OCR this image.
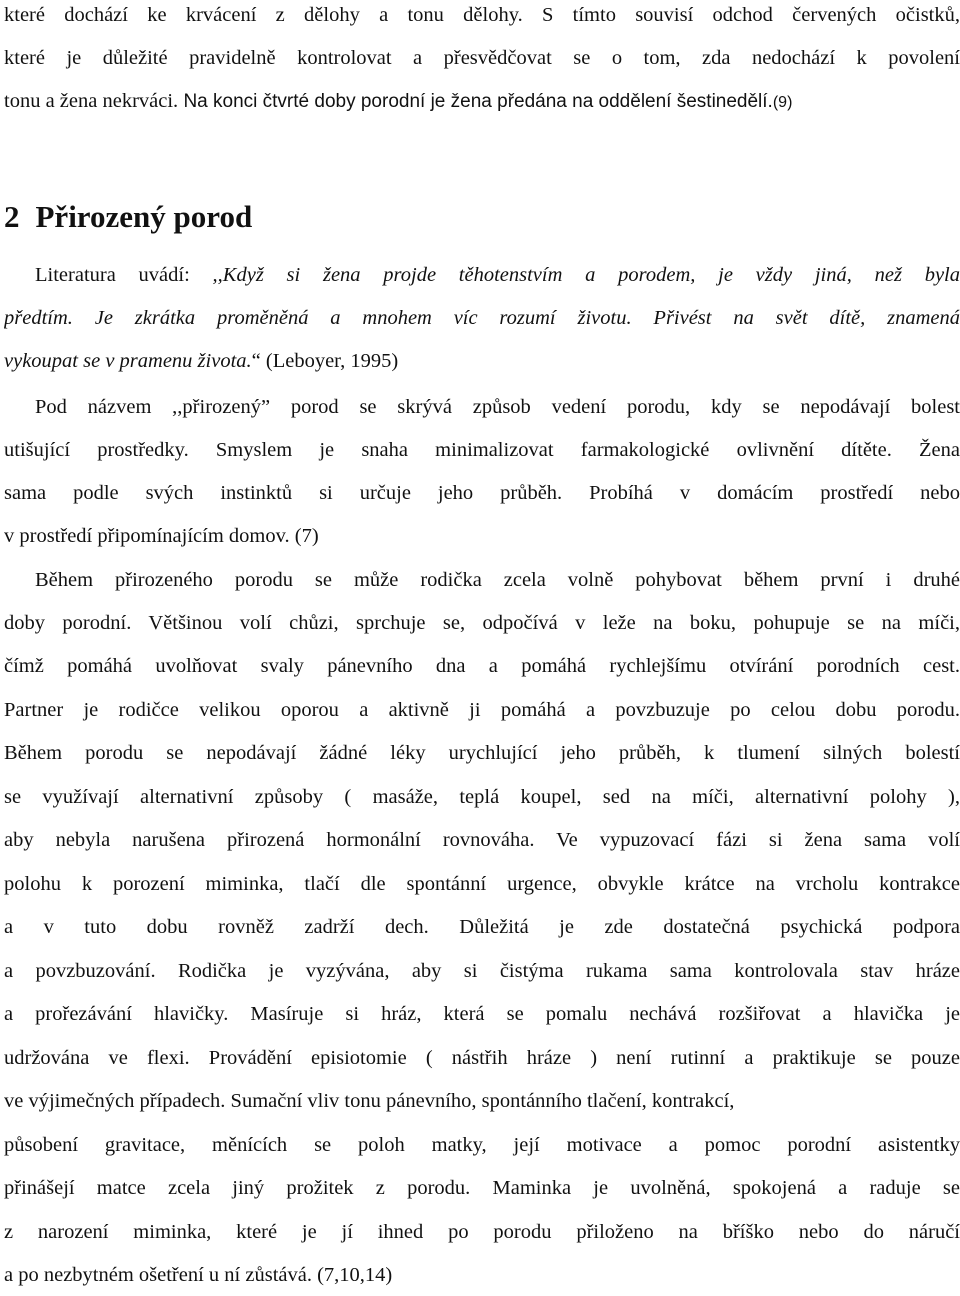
které dochází ke krvácení z dělohy a tonu dělohy. S tímto souvisí odchod červených očistků,
které je důležité pravidelně kontrolovat a přesvědčovat se o tom, zda nedochází k povolení
tonu a žena nekrváci. Na konci čtvrté doby porodní je žena předána na oddělení šestinedělí.(9)
2 Přirozený porod
Literatura uvádí: ,,Když si žena projde těhotenstvím a porodem, je vždy jiná, než byla
předtím. Je zkrátka proměněná a mnohem víc rozumí životu. Přivést na svět dítě, znamená
vykoupat se v pramenu života.“ (Leboyer, 1995)
Pod názvem ,,přirozený” porod se skrývá způsob vedení porodu, kdy se nepodávají bolest
utišující prostředky. Smyslem je snaha minimalizovat farmakologické ovlivnění dítěte. Žena
sama podle svých instinktů si určuje jeho průběh. Probíhá v domácím prostředí nebo
v prostředí připomínajícím domov. (7)
Během přirozeného porodu se může rodička zcela volně pohybovat během první i druhé
doby porodní. Většinou volí chůzi, sprchuje se, odpočívá v leže na boku, pohupuje se na míči,
čímž pomáhá uvolňovat svaly pánevního dna a pomáhá rychlejšímu otvírání porodních cest.
Partner je rodičce velikou oporou a aktivně ji pomáhá a povzbuzuje po celou dobu porodu.
Během porodu se nepodávají žádné léky urychlující jeho průběh, k tlumení silných bolestí
se využívají alternativní způsoby ( masáže, teplá koupel, sed na míči, alternativní polohy ),
aby nebyla narušena přirozená hormonální rovnováha. Ve vypuzovací fázi si žena sama volí
polohu k porození miminka, tlačí dle spontánní urgence, obvykle krátce na vrcholu kontrakce
a v tuto dobu rovněž zadrží dech. Důležitá je zde dostatečná psychická podpora
a povzbuzování. Rodička je vyzývána, aby si čistýma rukama sama kontrolovala stav hráze
a prořezávání hlavičky. Masíruje si hráz, která se pomalu nechává rozšiřovat a hlavička je
udržována ve flexi. Provádění episiotomie ( nástřih hráze ) není rutinní a praktikuje se pouze
ve výjimečných případech. Sumační vliv tonu pánevního, spontánního tlačení, kontrakcí,
působení gravitace, měnících se poloh matky, její motivace a pomoc porodní asistentky
přinášejí matce zcela jiný prožitek z porodu. Maminka je uvolněná, spokojená a raduje se
z narození miminka, které je jí ihned po porodu přiloženo na bříško nebo do náručí
a po nezbytném ošetření u ní zůstává. (7,10,14)
